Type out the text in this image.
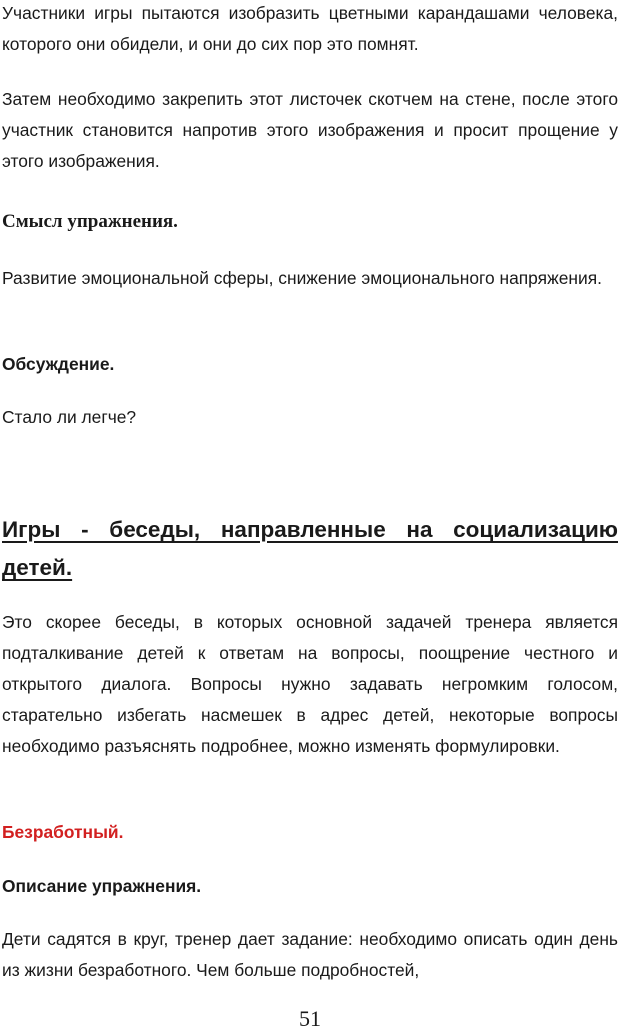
Участники игры пытаются изобразить цветными карандашами человека, которого они обидели, и они до сих пор это помнят.

Затем необходимо закрепить этот листочек скотчем на стене, после этого участник становится напротив этого изображения и просит прощение у этого изображения.

Смысл упражнения.

Развитие эмоциональной сферы, снижение эмоционального напряжения.

Обсуждение.

Стало ли легче?

Игры - беседы, направленные на социализацию детей.

Это скорее беседы, в которых основной задачей тренера является подталкивание детей к ответам на вопросы, поощрение честного и открытого диалога. Вопросы нужно задавать негромким голосом, старательно избегать насмешек в адрес детей, некоторые вопросы необходимо разъяснять подробнее, можно изменять формулировки.

Безработный.

Описание упражнения.

Дети садятся в круг, тренер дает задание: необходимо описать один день из жизни безработного. Чем больше подробностей,

51
